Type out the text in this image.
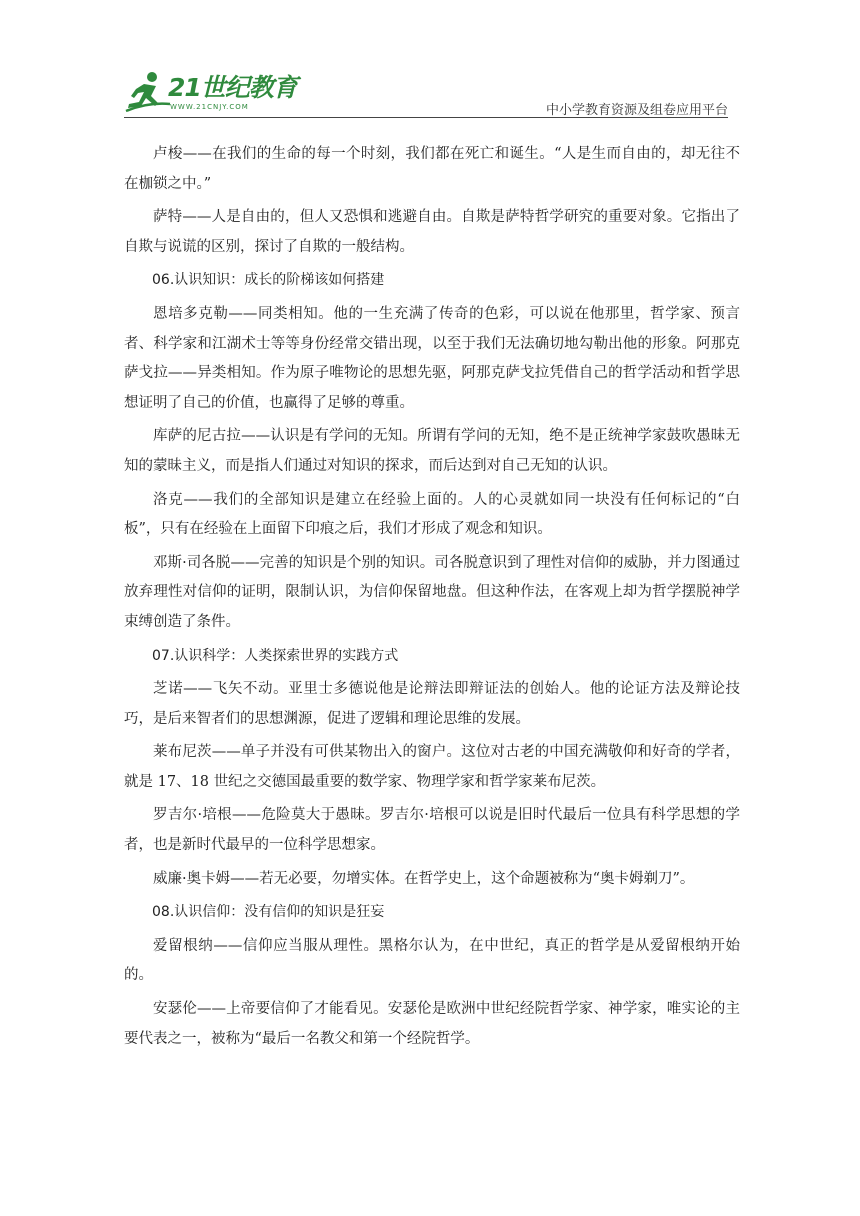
21世纪教育
WWW.21CNJY.COM	中小学教育资源及组卷应用平台

卢梭——在我们的生命的每一个时刻，我们都在死亡和诞生。“人是生而自由的，却无往不在枷锁之中。”

萨特——人是自由的，但人又恐惧和逃避自由。自欺是萨特哲学研究的重要对象。它指出了自欺与说谎的区别，探讨了自欺的一般结构。

06.认识知识：成长的阶梯该如何搭建

恩培多克勒——同类相知。他的一生充满了传奇的色彩，可以说在他那里，哲学家、预言者、科学家和江湖术士等等身份经常交错出现，以至于我们无法确切地勾勒出他的形象。阿那克萨戈拉——异类相知。作为原子唯物论的思想先驱，阿那克萨戈拉凭借自己的哲学活动和哲学思想证明了自己的价值，也赢得了足够的尊重。

库萨的尼古拉——认识是有学问的无知。所谓有学问的无知，绝不是正统神学家鼓吹愚昧无知的蒙昧主义，而是指人们通过对知识的探求，而后达到对自己无知的认识。

洛克——我们的全部知识是建立在经验上面的。人的心灵就如同一块没有任何标记的“白板”，只有在经验在上面留下印痕之后，我们才形成了观念和知识。

邓斯·司各脱——完善的知识是个别的知识。司各脱意识到了理性对信仰的威胁，并力图通过放弃理性对信仰的证明，限制认识，为信仰保留地盘。但这种作法，在客观上却为哲学摆脱神学束缚创造了条件。

07.认识科学：人类探索世界的实践方式

芝诺——飞矢不动。亚里士多德说他是论辩法即辩证法的创始人。他的论证方法及辩论技巧，是后来智者们的思想渊源，促进了逻辑和理论思维的发展。

莱布尼茨——单子并没有可供某物出入的窗户。这位对古老的中国充满敬仰和好奇的学者，就是 17、18 世纪之交德国最重要的数学家、物理学家和哲学家莱布尼茨。

罗吉尔·培根——危险莫大于愚昧。罗吉尔·培根可以说是旧时代最后一位具有科学思想的学者，也是新时代最早的一位科学思想家。

威廉·奥卡姆——若无必要，勿增实体。在哲学史上，这个命题被称为“奥卡姆剃刀”。

08.认识信仰：没有信仰的知识是狂妄

爱留根纳——信仰应当服从理性。黑格尔认为，在中世纪，真正的哲学是从爱留根纳开始的。

安瑟伦——上帝要信仰了才能看见。安瑟伦是欧洲中世纪经院哲学家、神学家，唯实论的主要代表之一，被称为“最后一名教父和第一个经院哲学。
